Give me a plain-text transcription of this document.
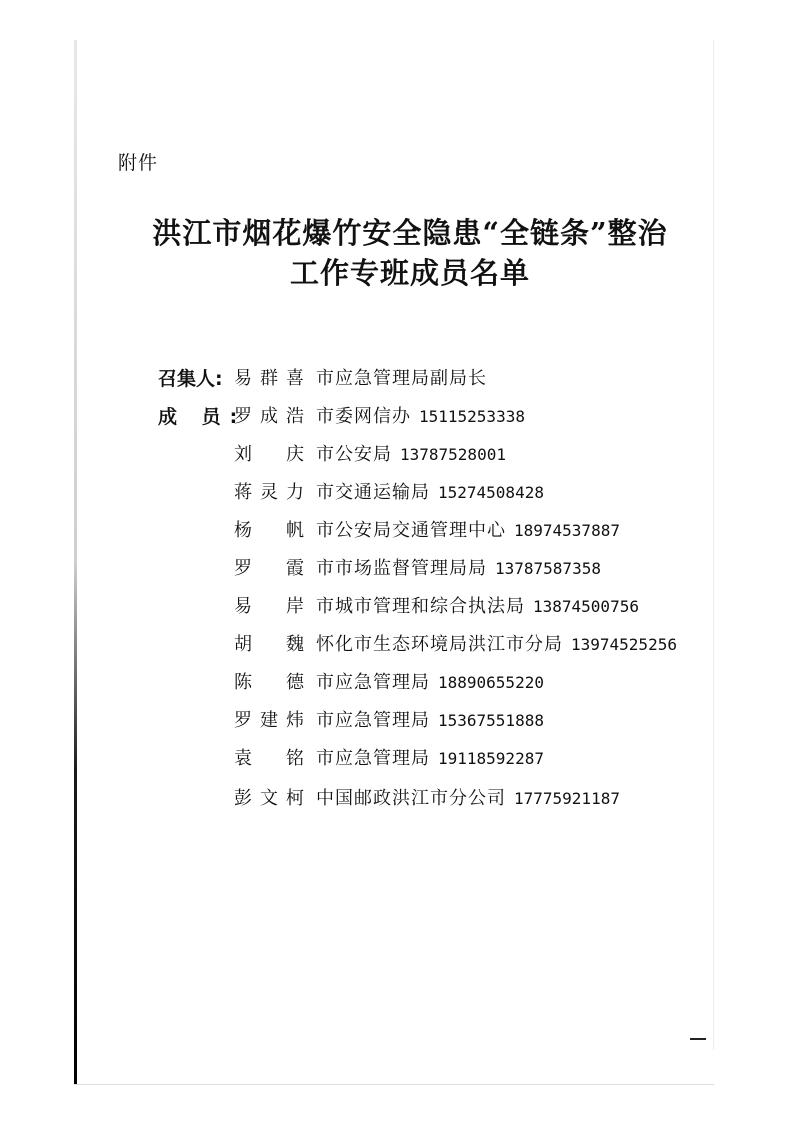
附件
洪江市烟花爆竹安全隐患“全链条”整治
工作专班成员名单
召集人: 易群喜 市应急管理局副局长
成 员:
罗成浩 市委网信办 15115253338
刘庆 市公安局 13787528001
蒋灵力 市交通运输局 15274508428
杨帆 市公安局交通管理中心 18974537887
罗霞 市市场监督管理局局 13787587358
易岸 市城市管理和综合执法局 13874500756
胡魏 怀化市生态环境局洪江市分局 13974525256
陈德 市应急管理局 18890655220
罗建炜 市应急管理局 15367551888
袁铭 市应急管理局 19118592287
彭文柯 中国邮政洪江市分公司 17775921187
